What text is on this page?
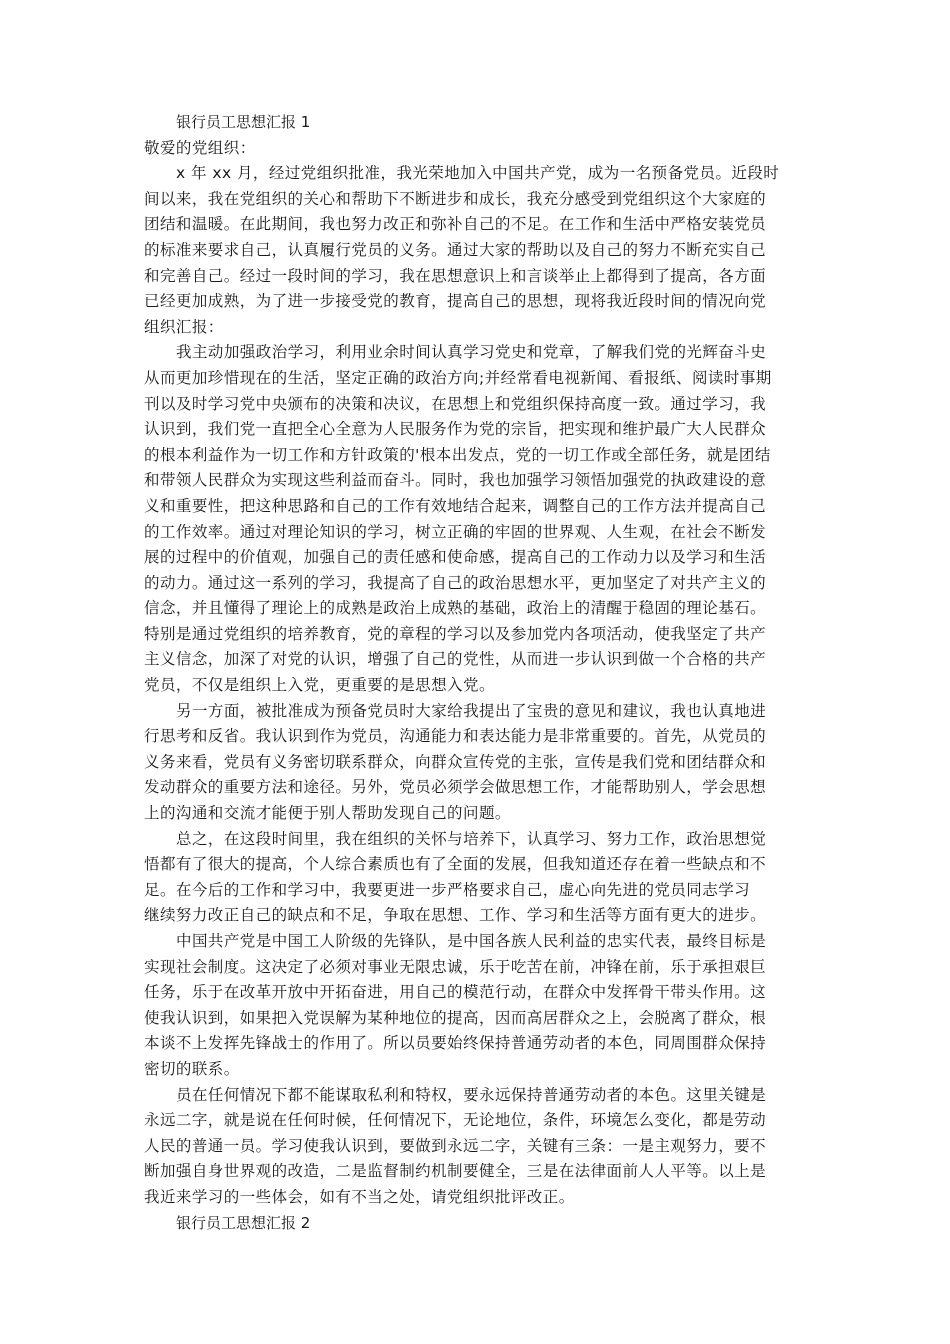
银行员工思想汇报 1
敬爱的党组织：
x 年 xx 月，经过党组织批准，我光荣地加入中国共产党，成为一名预备党员。近段时
间以来，我在党组织的关心和帮助下不断进步和成长，我充分感受到党组织这个大家庭的
团结和温暖。在此期间，我也努力改正和弥补自己的不足。在工作和生活中严格安装党员
的标准来要求自己，认真履行党员的义务。通过大家的帮助以及自己的努力不断充实自己
和完善自己。经过一段时间的学习，我在思想意识上和言谈举止上都得到了提高，各方面
已经更加成熟，为了进一步接受党的教育，提高自己的思想，现将我近段时间的情况向党
组织汇报：
我主动加强政治学习，利用业余时间认真学习党史和党章，了解我们党的光辉奋斗史
从而更加珍惜现在的生活，坚定正确的政治方向;并经常看电视新闻、看报纸、阅读时事期
刊以及时学习党中央颁布的决策和决议，在思想上和党组织保持高度一致。通过学习，我
认识到，我们党一直把全心全意为人民服务作为党的宗旨，把实现和维护最广大人民群众
的根本利益作为一切工作和方针政策的'根本出发点，党的一切工作或全部任务，就是团结
和带领人民群众为实现这些利益而奋斗。同时，我也加强学习领悟加强党的执政建设的意
义和重要性，把这种思路和自己的工作有效地结合起来，调整自己的工作方法并提高自己
的工作效率。通过对理论知识的学习，树立正确的牢固的世界观、人生观，在社会不断发
展的过程中的价值观，加强自己的责任感和使命感，提高自己的工作动力以及学习和生活
的动力。通过这一系列的学习，我提高了自己的政治思想水平，更加坚定了对共产主义的
信念，并且懂得了理论上的成熟是政治上成熟的基础，政治上的清醒于稳固的理论基石。
特别是通过党组织的培养教育，党的章程的学习以及参加党内各项活动，使我坚定了共产
主义信念，加深了对党的认识，增强了自己的党性，从而进一步认识到做一个合格的共产
党员，不仅是组织上入党，更重要的是思想入党。
另一方面，被批准成为预备党员时大家给我提出了宝贵的意见和建议，我也认真地进
行思考和反省。我认识到作为党员，沟通能力和表达能力是非常重要的。首先，从党员的
义务来看，党员有义务密切联系群众，向群众宣传党的主张，宣传是我们党和团结群众和
发动群众的重要方法和途径。另外，党员必须学会做思想工作，才能帮助别人，学会思想
上的沟通和交流才能便于别人帮助发现自己的问题。
总之，在这段时间里，我在组织的关怀与培养下，认真学习、努力工作，政治思想觉
悟都有了很大的提高，个人综合素质也有了全面的发展，但我知道还存在着一些缺点和不
足。在今后的工作和学习中，我要更进一步严格要求自己，虚心向先进的党员同志学习
继续努力改正自己的缺点和不足，争取在思想、工作、学习和生活等方面有更大的进步。
中国共产党是中国工人阶级的先锋队，是中国各族人民利益的忠实代表，最终目标是
实现社会制度。这决定了必须对事业无限忠诚，乐于吃苦在前，冲锋在前，乐于承担艰巨
任务，乐于在改革开放中开拓奋进，用自己的模范行动，在群众中发挥骨干带头作用。这
使我认识到，如果把入党误解为某种地位的提高，因而高居群众之上，会脱离了群众，根
本谈不上发挥先锋战士的作用了。所以员要始终保持普通劳动者的本色，同周围群众保持
密切的联系。
员在任何情况下都不能谋取私利和特权，要永远保持普通劳动者的本色。这里关键是
永远二字，就是说在任何时候，任何情况下，无论地位，条件，环境怎么变化，都是劳动
人民的普通一员。学习使我认识到，要做到永远二字，关键有三条：一是主观努力，要不
断加强自身世界观的改造，二是监督制约机制要健全，三是在法律面前人人平等。以上是
我近来学习的一些体会，如有不当之处，请党组织批评改正。
银行员工思想汇报 2
